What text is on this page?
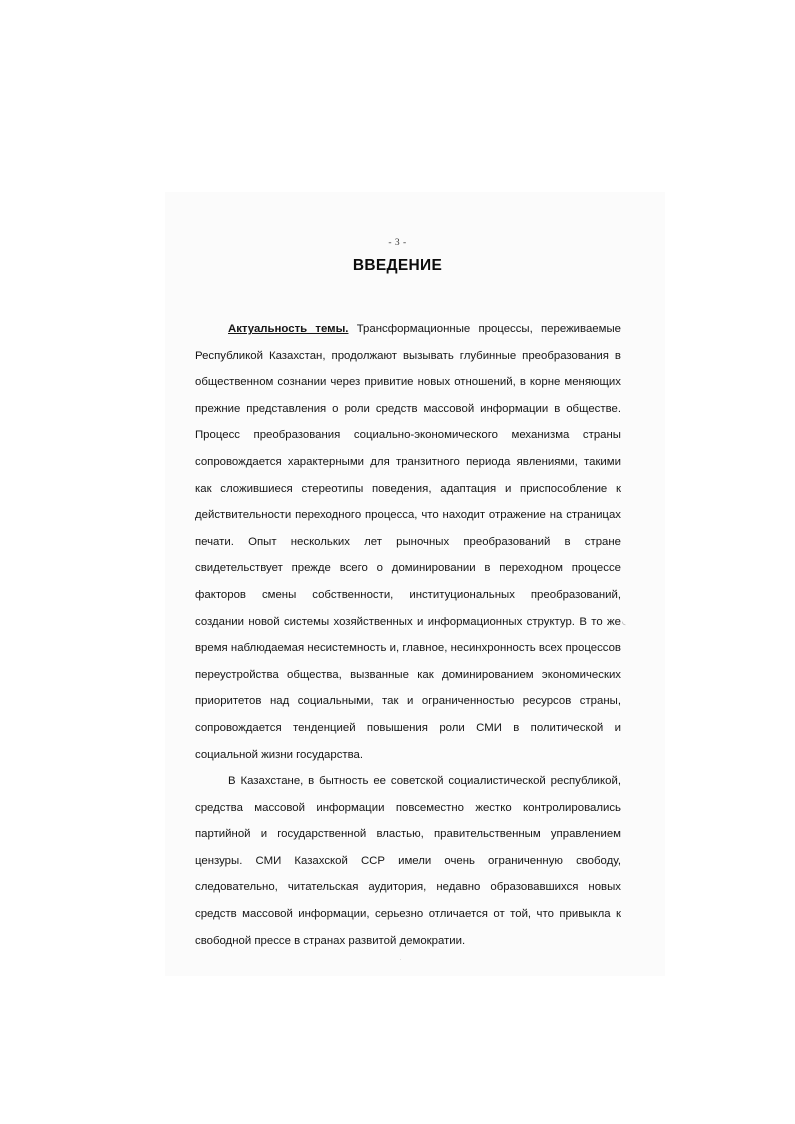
- 3 -
ВВЕДЕНИЕ

Актуальность темы. Трансформационные процессы, переживаемые Республикой Казахстан, продолжают вызывать глубинные преобразования в общественном сознании через привитие новых отношений, в корне меняющих прежние представления о роли средств массовой информации в обществе. Процесс преобразования социально-экономического механизма страны сопровождается характерными для транзитного периода явлениями, такими как сложившиеся стереотипы поведения, адаптация и приспособление к действительности переходного процесса, что находит отражение на страницах печати. Опыт нескольких лет рыночных преобразований в стране свидетельствует прежде всего о доминировании в переходном процессе факторов смены собственности, институциональных преобразований, создании новой системы хозяйственных и информационных структур. В то же время наблюдаемая несистемность и, главное, несинхронность всех процессов переустройства общества, вызванные как доминированием экономических приоритетов над социальными, так и ограниченностью ресурсов страны, сопровождается тенденцией повышения роли СМИ в политической и социальной жизни государства.

В Казахстане, в бытность ее советской социалистической республикой, средства массовой информации повсеместно жестко контролировались партийной и государственной властью, правительственным управлением цензуры. СМИ Казахской ССР имели очень ограниченную свободу, следовательно, читательская аудитория, недавно образовавшихся новых средств массовой информации, серьезно отличается от той, что привыкла к свободной прессе в странах развитой демократии.

◟
·
